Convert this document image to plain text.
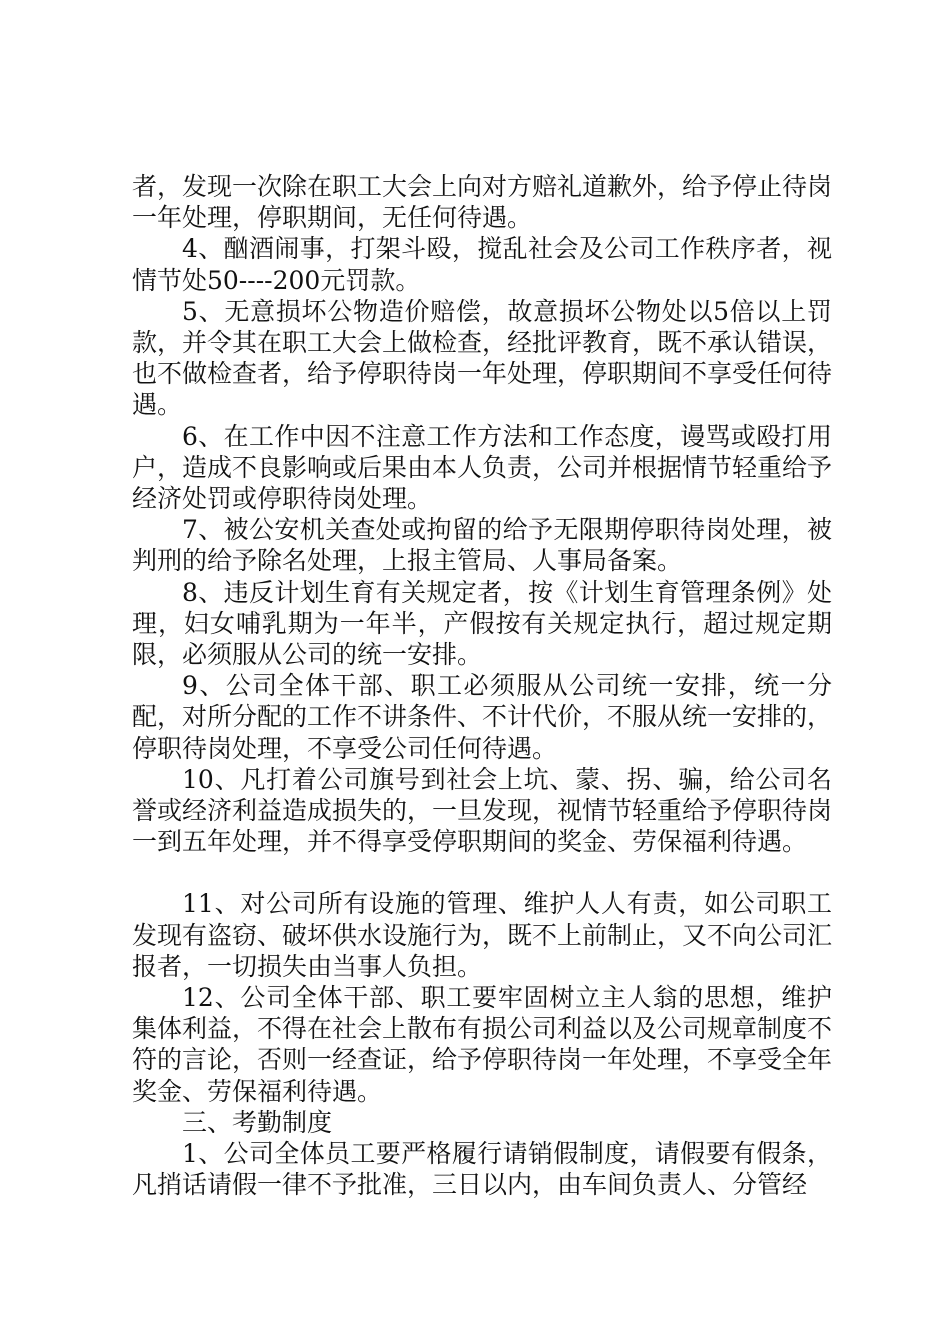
者，发现一次除在职工大会上向对方赔礼道歉外，给予停止待岗一年处理，停职期间，无任何待遇。

4、酗酒闹事，打架斗殴，搅乱社会及公司工作秩序者，视情节处50----200元罚款。

5、无意损坏公物造价赔偿，故意损坏公物处以5倍以上罚款，并令其在职工大会上做检查，经批评教育，既不承认错误，也不做检查者，给予停职待岗一年处理，停职期间不享受任何待遇。

6、在工作中因不注意工作方法和工作态度，谩骂或殴打用户，造成不良影响或后果由本人负责，公司并根据情节轻重给予经济处罚或停职待岗处理。

7、被公安机关查处或拘留的给予无限期停职待岗处理，被判刑的给予除名处理，上报主管局、人事局备案。

8、违反计划生育有关规定者，按《计划生育管理条例》处理，妇女哺乳期为一年半，产假按有关规定执行，超过规定期限，必须服从公司的统一安排。

9、公司全体干部、职工必须服从公司统一安排，统一分配，对所分配的工作不讲条件、不计代价，不服从统一安排的，停职待岗处理，不享受公司任何待遇。

10、凡打着公司旗号到社会上坑、蒙、拐、骗，给公司名誉或经济利益造成损失的，一旦发现，视情节轻重给予停职待岗一到五年处理，并不得享受停职期间的奖金、劳保福利待遇。

11、对公司所有设施的管理、维护人人有责，如公司职工发现有盗窃、破坏供水设施行为，既不上前制止，又不向公司汇报者，一切损失由当事人负担。

12、公司全体干部、职工要牢固树立主人翁的思想，维护集体利益，不得在社会上散布有损公司利益以及公司规章制度不符的言论，否则一经查证，给予停职待岗一年处理，不享受全年奖金、劳保福利待遇。

三、考勤制度

1、公司全体员工要严格履行请销假制度，请假要有假条，凡捎话请假一律不予批准，三日以内，由车间负责人、分管经
